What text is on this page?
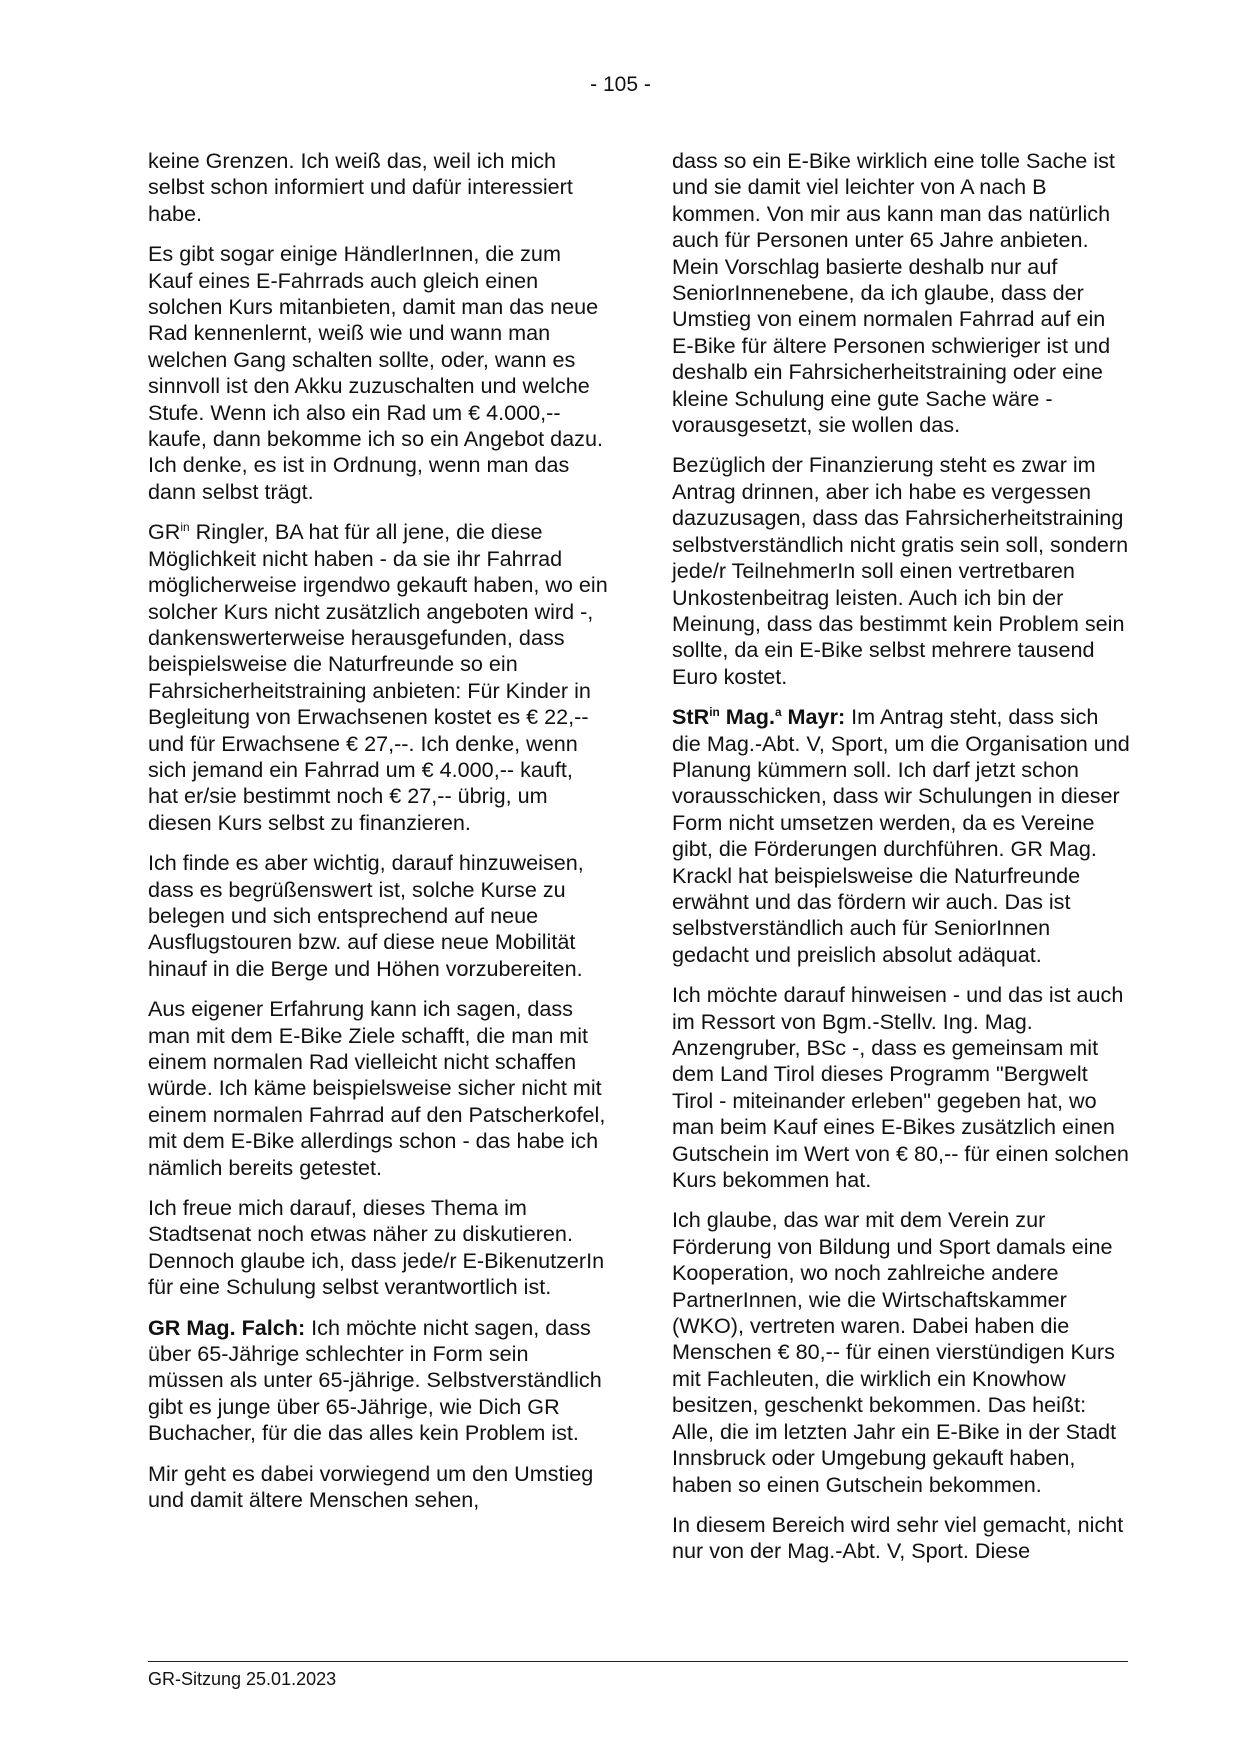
- 105 -

keine Grenzen. Ich weiß das, weil ich mich selbst schon informiert und dafür interessiert habe.

Es gibt sogar einige HändlerInnen, die zum Kauf eines E-Fahrrads auch gleich einen solchen Kurs mitanbieten, damit man das neue Rad kennenlernt, weiß wie und wann man welchen Gang schalten sollte, oder, wann es sinnvoll ist den Akku zuzuschalten und welche Stufe. Wenn ich also ein Rad um € 4.000,-- kaufe, dann bekomme ich so ein Angebot dazu. Ich denke, es ist in Ordnung, wenn man das dann selbst trägt.

$GR^{in}$ Ringler, BA hat für all jene, die diese Möglichkeit nicht haben - da sie ihr Fahrrad möglicherweise irgendwo gekauft haben, wo ein solcher Kurs nicht zusätzlich angeboten wird -, dankenswerterweise herausgefunden, dass beispielsweise die Naturfreunde so ein Fahrsicherheitstraining anbieten: Für Kinder in Begleitung von Erwachsenen kostet es € 22,-- und für Erwachsene € 27,--. Ich denke, wenn sich jemand ein Fahrrad um € 4.000,-- kauft, hat er/sie bestimmt noch € 27,-- übrig, um diesen Kurs selbst zu finanzieren.

Ich finde es aber wichtig, darauf hinzuweisen, dass es begrüßenswert ist, solche Kurse zu belegen und sich entsprechend auf neue Ausflugstouren bzw. auf diese neue Mobilität hinauf in die Berge und Höhen vorzubereiten.

Aus eigener Erfahrung kann ich sagen, dass man mit dem E-Bike Ziele schafft, die man mit einem normalen Rad vielleicht nicht schaffen würde. Ich käme beispielsweise sicher nicht mit einem normalen Fahrrad auf den Patscherkofel, mit dem E-Bike allerdings schon - das habe ich nämlich bereits getestet.

Ich freue mich darauf, dieses Thema im Stadtsenat noch etwas näher zu diskutieren. Dennoch glaube ich, dass jede/r E-BikenutzerIn für eine Schulung selbst verantwortlich ist.

GR Mag. Falch: Ich möchte nicht sagen, dass über 65-Jährige schlechter in Form sein müssen als unter 65-jährige. Selbstverständlich gibt es junge über 65-Jährige, wie Dich GR Buchacher, für die das alles kein Problem ist.

Mir geht es dabei vorwiegend um den Umstieg und damit ältere Menschen sehen,

dass so ein E-Bike wirklich eine tolle Sache ist und sie damit viel leichter von A nach B kommen. Von mir aus kann man das natürlich auch für Personen unter 65 Jahre anbieten. Mein Vorschlag basierte deshalb nur auf SeniorInnenebene, da ich glaube, dass der Umstieg von einem normalen Fahrrad auf ein E-Bike für ältere Personen schwieriger ist und deshalb ein Fahrsicherheitstraining oder eine kleine Schulung eine gute Sache wäre - vorausgesetzt, sie wollen das.

Bezüglich der Finanzierung steht es zwar im Antrag drinnen, aber ich habe es vergessen dazuzusagen, dass das Fahrsicherheitstraining selbstverständlich nicht gratis sein soll, sondern jede/r TeilnehmerIn soll einen vertretbaren Unkostenbeitrag leisten. Auch ich bin der Meinung, dass das bestimmt kein Problem sein sollte, da ein E-Bike selbst mehrere tausend Euro kostet.

StR$^{in}$ Mag.$^a$ Mayr: Im Antrag steht, dass sich die Mag.-Abt. V, Sport, um die Organisation und Planung kümmern soll. Ich darf jetzt schon vorausschicken, dass wir Schulungen in dieser Form nicht umsetzen werden, da es Vereine gibt, die Förderungen durchführen. GR Mag. Krackl hat beispielsweise die Naturfreunde erwähnt und das fördern wir auch. Das ist selbstverständlich auch für SeniorInnen gedacht und preislich absolut adäquat.

Ich möchte darauf hinweisen - und das ist auch im Ressort von Bgm.-Stellv. Ing. Mag. Anzengruber, BSc -, dass es gemeinsam mit dem Land Tirol dieses Programm "Bergwelt Tirol - miteinander erleben" gegeben hat, wo man beim Kauf eines E-Bikes zusätzlich einen Gutschein im Wert von € 80,-- für einen solchen Kurs bekommen hat.

Ich glaube, das war mit dem Verein zur Förderung von Bildung und Sport damals eine Kooperation, wo noch zahlreiche andere PartnerInnen, wie die Wirtschaftskammer (WKO), vertreten waren. Dabei haben die Menschen € 80,-- für einen vierstündigen Kurs mit Fachleuten, die wirklich ein Knowhow besitzen, geschenkt bekommen. Das heißt: Alle, die im letzten Jahr ein E-Bike in der Stadt Innsbruck oder Umgebung gekauft haben, haben so einen Gutschein bekommen.

In diesem Bereich wird sehr viel gemacht, nicht nur von der Mag.-Abt. V, Sport. Diese

GR-Sitzung 25.01.2023
